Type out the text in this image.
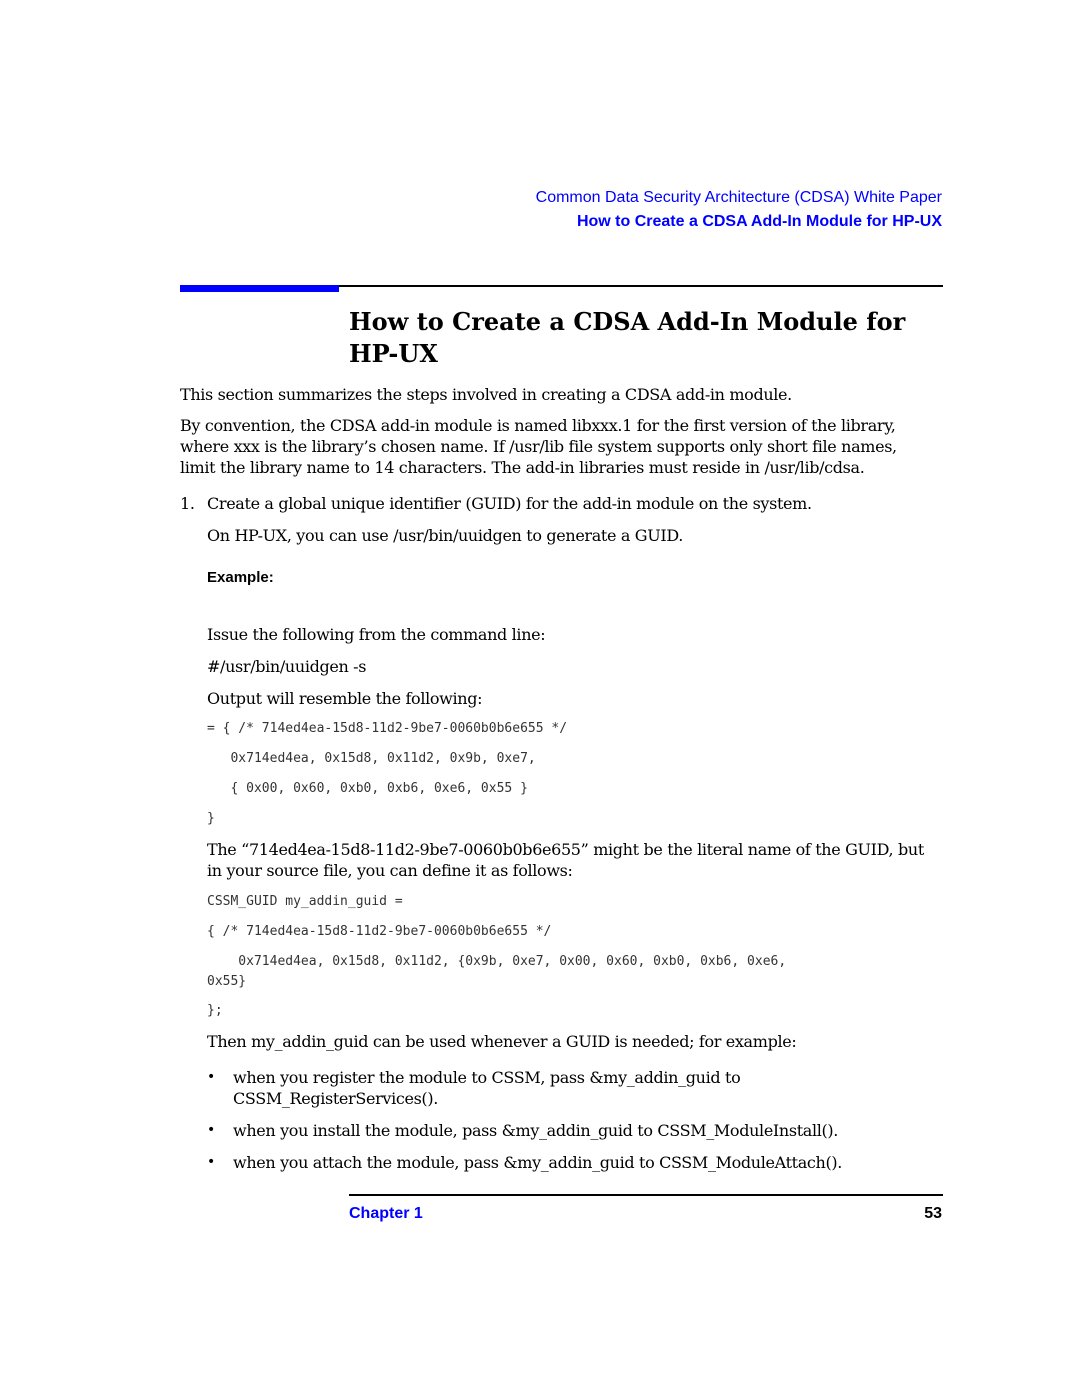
Common Data Security Architecture (CDSA) White Paper
How to Create a CDSA Add-In Module for HP-UX
How to Create a CDSA Add-In Module for
HP-UX

This section summarizes the steps involved in creating a CDSA add-in module.

By convention, the CDSA add-in module is named libxxx.1 for the first version of the library,

where xxx is the library’s chosen name. If /usr/lib file system supports only short file names,

limit the library name to 14 characters. The add-in libraries must reside in /usr/lib/cdsa.

1. Create a global unique identifier (GUID) for the add-in module on the system.

On HP-UX, you can use /usr/bin/uuidgen to generate a GUID.

Example:

Issue the following from the command line:

#/usr/bin/uuidgen -s

Output will resemble the following:

= { /* 714ed4ea-15d8-11d2-9be7-0060b0b6e655 */

0x714ed4ea, 0x15d8, 0x11d2, 0x9b, 0xe7,

{ 0x00, 0x60, 0xb0, 0xb6, 0xe6, 0x55 }

}

The “714ed4ea-15d8-11d2-9be7-0060b0b6e655” might be the literal name of the GUID, but

in your source file, you can define it as follows:

CSSM_GUID my_addin_guid =

{ /* 714ed4ea-15d8-11d2-9be7-0060b0b6e655 */

0x714ed4ea, 0x15d8, 0x11d2, {0x9b, 0xe7, 0x00, 0x60, 0xb0, 0xb6, 0xe6,

0x55}

};

Then my_addin_guid can be used whenever a GUID is needed; for example:

• when you register the module to CSSM, pass &my_addin_guid to

CSSM_RegisterServices().

• when you install the module, pass &my_addin_guid to CSSM_ModuleInstall().

• when you attach the module, pass &my_addin_guid to CSSM_ModuleAttach().

Chapter 1	53
